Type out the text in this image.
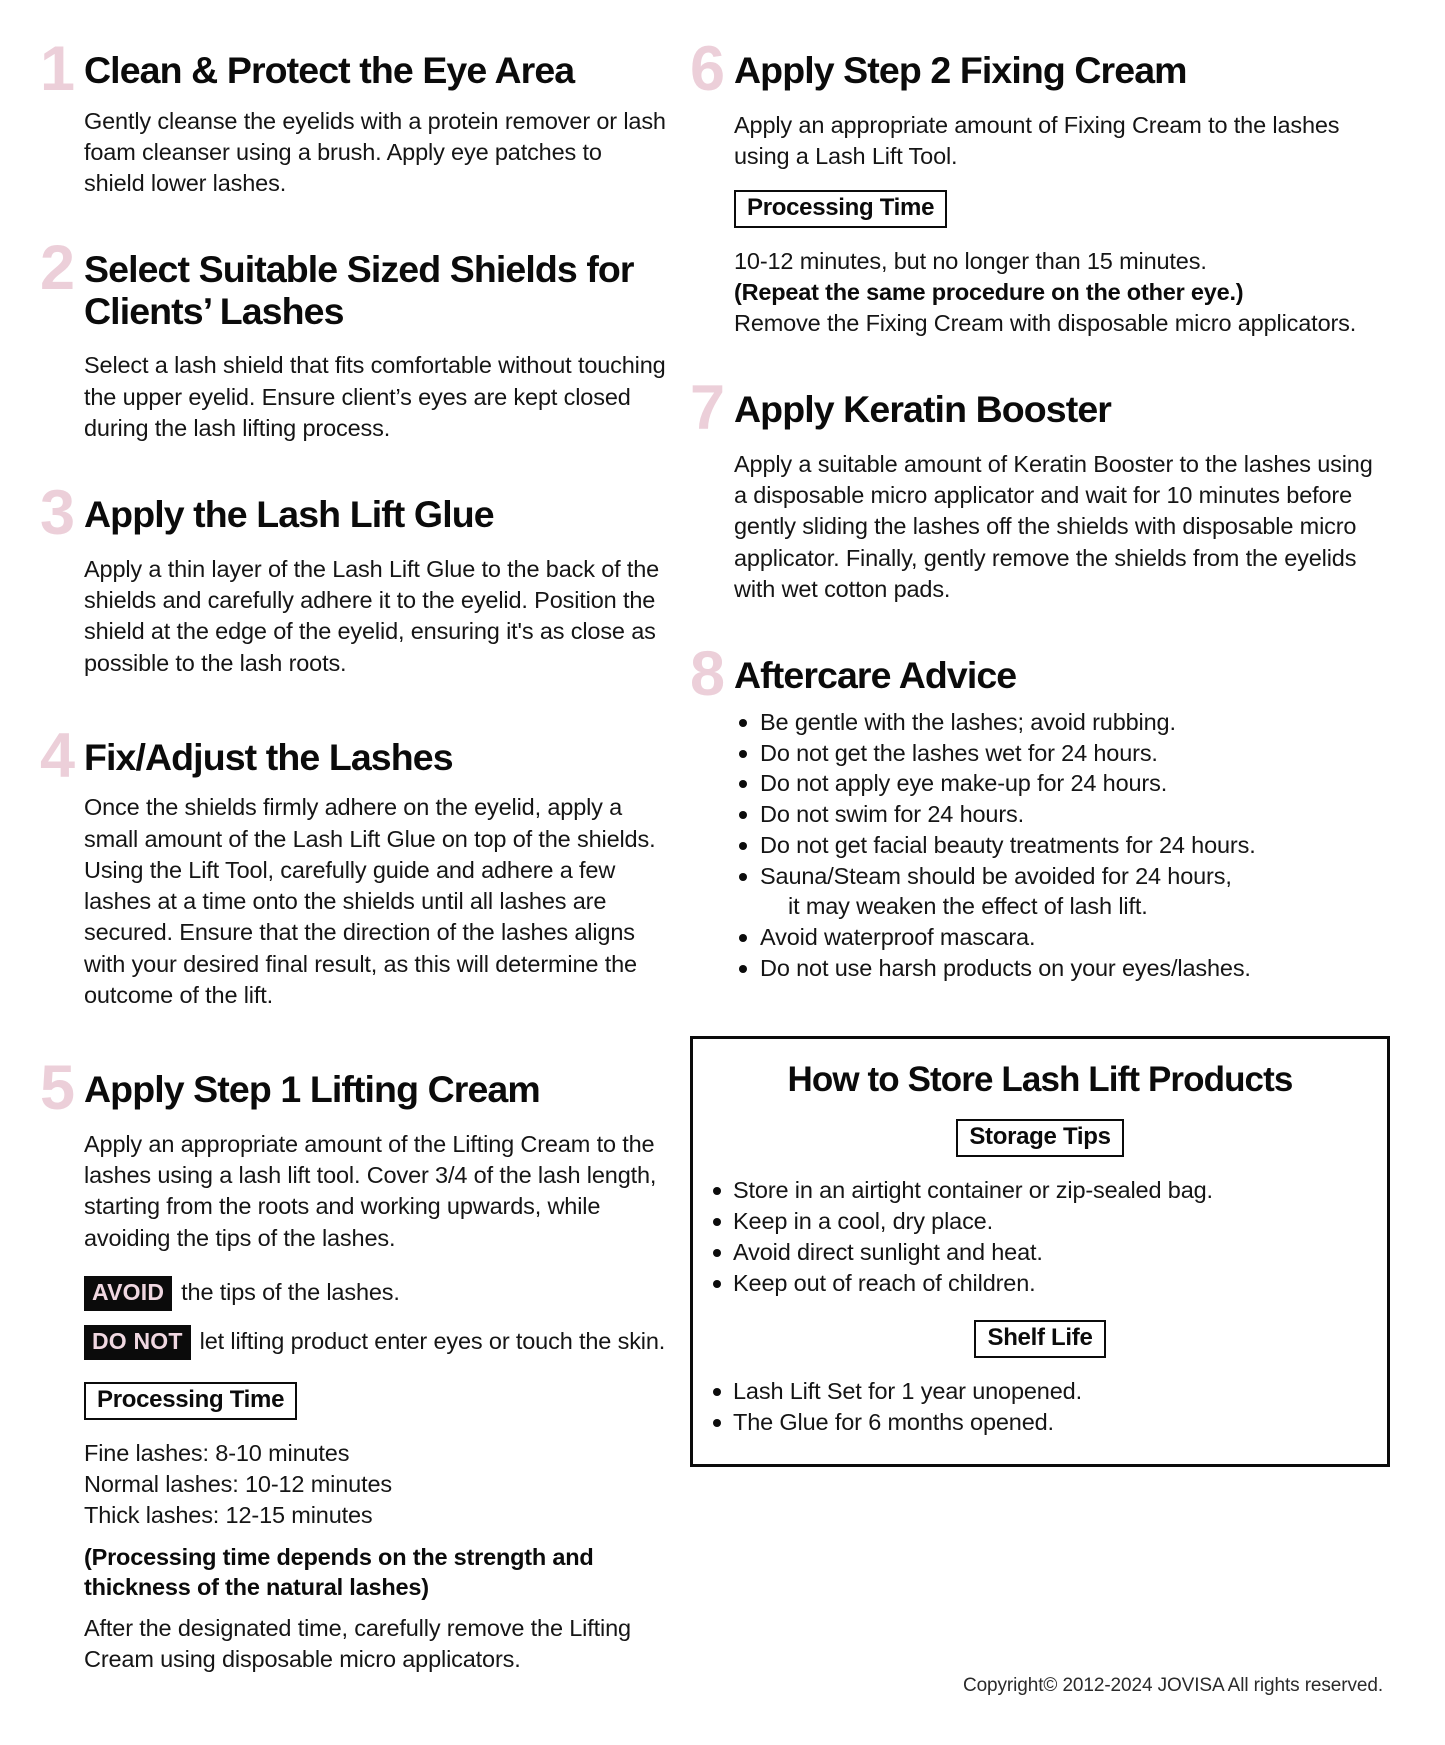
1 Clean & Protect the Eye Area

Gently cleanse the eyelids with a protein remover or lash foam cleanser using a brush. Apply eye patches to shield lower lashes.

2 Select Suitable Sized Shields for Clients’ Lashes

Select a lash shield that fits comfortable without touching the upper eyelid. Ensure client’s eyes are kept closed during the lash lifting process.

3 Apply the Lash Lift Glue

Apply a thin layer of the Lash Lift Glue to the back of the shields and carefully adhere it to the eyelid. Position the shield at the edge of the eyelid, ensuring it's as close as possible to the lash roots.

4 Fix/Adjust the Lashes

Once the shields firmly adhere on the eyelid, apply a small amount of the Lash Lift Glue on top of the shields. Using the Lift Tool, carefully guide and adhere a few lashes at a time onto the shields until all lashes are secured. Ensure that the direction of the lashes aligns with your desired final result, as this will determine the outcome of the lift.

5 Apply Step 1 Lifting Cream

Apply an appropriate amount of the Lifting Cream to the lashes using a lash lift tool. Cover 3/4 of the lash length, starting from the roots and working upwards, while avoiding the tips of the lashes.

AVOID the tips of the lashes.
DO NOT let lifting product enter eyes or touch the skin.
Processing Time

Fine lashes: 8-10 minutes

Normal lashes: 10-12 minutes

Thick lashes: 12-15 minutes

(Processing time depends on the strength and thickness of the natural lashes)

After the designated time, carefully remove the Lifting Cream using disposable micro applicators.

6 Apply Step 2 Fixing Cream

Apply an appropriate amount of Fixing Cream to the lashes using a Lash Lift Tool.

Processing Time

10-12 minutes, but no longer than 15 minutes.

(Repeat the same procedure on the other eye.)

Remove the Fixing Cream with disposable micro applicators.

7 Apply Keratin Booster

Apply a suitable amount of Keratin Booster to the lashes using a disposable micro applicator and wait for 10 minutes before gently sliding the lashes off the shields with disposable micro applicator. Finally, gently remove the shields from the eyelids with wet cotton pads.

8 Aftercare Advice
Be gentle with the lashes; avoid rubbing.
Do not get the lashes wet for 24 hours.
Do not apply eye make-up for 24 hours.
Do not swim for 24 hours.
Do not get facial beauty treatments for 24 hours.
Sauna/Steam should be avoided for 24 hours,
it may weaken the effect of lash lift.
Avoid waterproof mascara.
Do not use harsh products on your eyes/lashes.
How to Store Lash Lift Products
Storage Tips
Store in an airtight container or zip-sealed bag.
Keep in a cool, dry place.
Avoid direct sunlight and heat.
Keep out of reach of children.
Shelf Life
Lash Lift Set for 1 year unopened.
The Glue for 6 months opened.
Copyright© 2012-2024 JOVISA All rights reserved.
